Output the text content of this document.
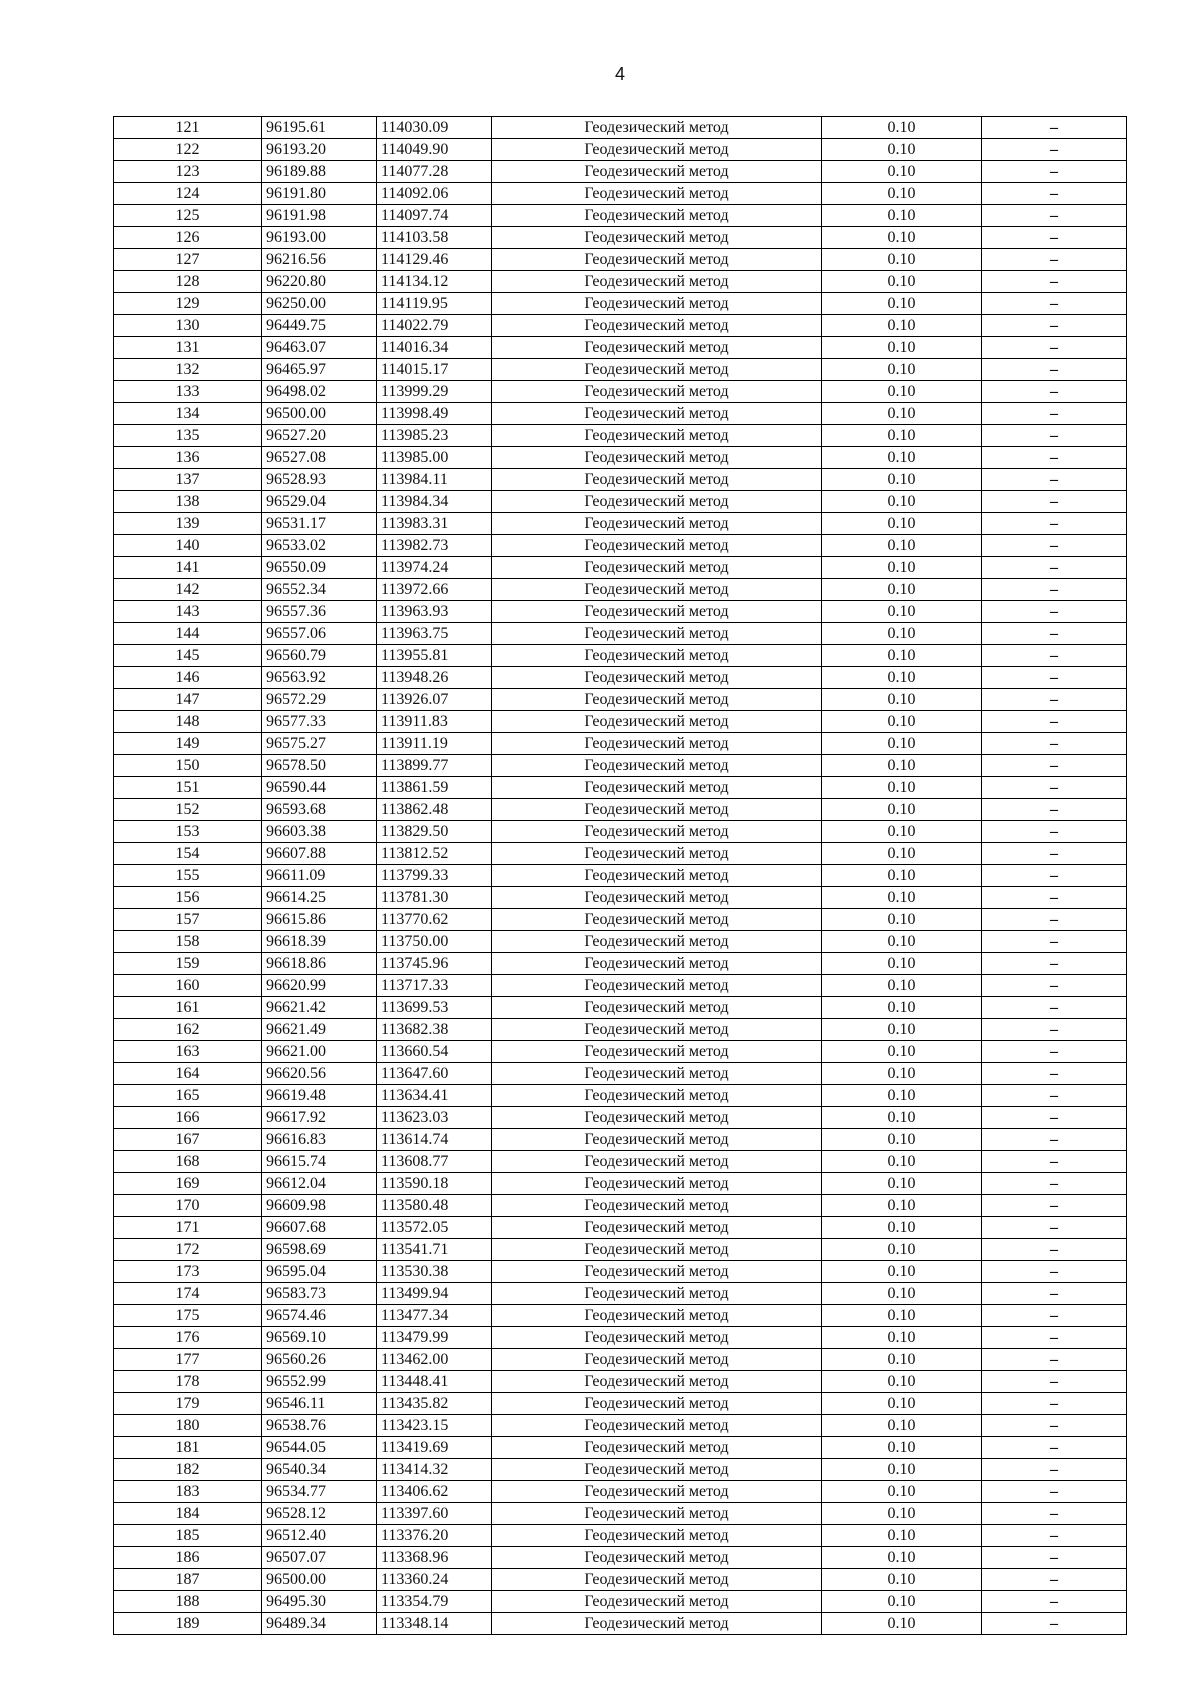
4
121	96195.61	114030.09	Геодезический метод	0.10	–
122	96193.20	114049.90	Геодезический метод	0.10	–
123	96189.88	114077.28	Геодезический метод	0.10	–
124	96191.80	114092.06	Геодезический метод	0.10	–
125	96191.98	114097.74	Геодезический метод	0.10	–
126	96193.00	114103.58	Геодезический метод	0.10	–
127	96216.56	114129.46	Геодезический метод	0.10	–
128	96220.80	114134.12	Геодезический метод	0.10	–
129	96250.00	114119.95	Геодезический метод	0.10	–
130	96449.75	114022.79	Геодезический метод	0.10	–
131	96463.07	114016.34	Геодезический метод	0.10	–
132	96465.97	114015.17	Геодезический метод	0.10	–
133	96498.02	113999.29	Геодезический метод	0.10	–
134	96500.00	113998.49	Геодезический метод	0.10	–
135	96527.20	113985.23	Геодезический метод	0.10	–
136	96527.08	113985.00	Геодезический метод	0.10	–
137	96528.93	113984.11	Геодезический метод	0.10	–
138	96529.04	113984.34	Геодезический метод	0.10	–
139	96531.17	113983.31	Геодезический метод	0.10	–
140	96533.02	113982.73	Геодезический метод	0.10	–
141	96550.09	113974.24	Геодезический метод	0.10	–
142	96552.34	113972.66	Геодезический метод	0.10	–
143	96557.36	113963.93	Геодезический метод	0.10	–
144	96557.06	113963.75	Геодезический метод	0.10	–
145	96560.79	113955.81	Геодезический метод	0.10	–
146	96563.92	113948.26	Геодезический метод	0.10	–
147	96572.29	113926.07	Геодезический метод	0.10	–
148	96577.33	113911.83	Геодезический метод	0.10	–
149	96575.27	113911.19	Геодезический метод	0.10	–
150	96578.50	113899.77	Геодезический метод	0.10	–
151	96590.44	113861.59	Геодезический метод	0.10	–
152	96593.68	113862.48	Геодезический метод	0.10	–
153	96603.38	113829.50	Геодезический метод	0.10	–
154	96607.88	113812.52	Геодезический метод	0.10	–
155	96611.09	113799.33	Геодезический метод	0.10	–
156	96614.25	113781.30	Геодезический метод	0.10	–
157	96615.86	113770.62	Геодезический метод	0.10	–
158	96618.39	113750.00	Геодезический метод	0.10	–
159	96618.86	113745.96	Геодезический метод	0.10	–
160	96620.99	113717.33	Геодезический метод	0.10	–
161	96621.42	113699.53	Геодезический метод	0.10	–
162	96621.49	113682.38	Геодезический метод	0.10	–
163	96621.00	113660.54	Геодезический метод	0.10	–
164	96620.56	113647.60	Геодезический метод	0.10	–
165	96619.48	113634.41	Геодезический метод	0.10	–
166	96617.92	113623.03	Геодезический метод	0.10	–
167	96616.83	113614.74	Геодезический метод	0.10	–
168	96615.74	113608.77	Геодезический метод	0.10	–
169	96612.04	113590.18	Геодезический метод	0.10	–
170	96609.98	113580.48	Геодезический метод	0.10	–
171	96607.68	113572.05	Геодезический метод	0.10	–
172	96598.69	113541.71	Геодезический метод	0.10	–
173	96595.04	113530.38	Геодезический метод	0.10	–
174	96583.73	113499.94	Геодезический метод	0.10	–
175	96574.46	113477.34	Геодезический метод	0.10	–
176	96569.10	113479.99	Геодезический метод	0.10	–
177	96560.26	113462.00	Геодезический метод	0.10	–
178	96552.99	113448.41	Геодезический метод	0.10	–
179	96546.11	113435.82	Геодезический метод	0.10	–
180	96538.76	113423.15	Геодезический метод	0.10	–
181	96544.05	113419.69	Геодезический метод	0.10	–
182	96540.34	113414.32	Геодезический метод	0.10	–
183	96534.77	113406.62	Геодезический метод	0.10	–
184	96528.12	113397.60	Геодезический метод	0.10	–
185	96512.40	113376.20	Геодезический метод	0.10	–
186	96507.07	113368.96	Геодезический метод	0.10	–
187	96500.00	113360.24	Геодезический метод	0.10	–
188	96495.30	113354.79	Геодезический метод	0.10	–
189	96489.34	113348.14	Геодезический метод	0.10	–
